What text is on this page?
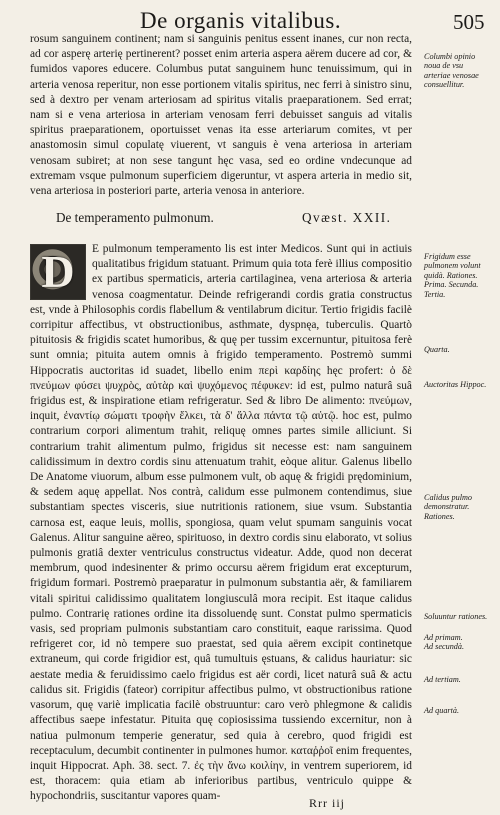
De organis vitalibus.	505

rosum sanguinem continent; nam si sanguinis penitus essent inanes, cur non recta, ad cor asperę arterię pertinerent? posset enim arteria aspera aërem ducere ad cor, & fumidos vapores educere. Columbus putat sanguinem hunc tenuissimum, qui in arteria venosa reperitur, non esse portionem vitalis spiritus, nec ferri à sinistro sinu, sed à dextro per venam arteriosam ad spiritus vitalis praeparationem. Sed errat; nam si e vena arteriosa in arteriam venosam ferri debuisset sanguis ad vitalis spiritus praeparationem, oportuisset venas ita esse arteriarum comites, vt per anastomosin simul copulatę viuerent, vt sanguis è vena arteriosa in arteriam venosam subiret; at non sese tangunt hęc vasa, sed eo ordine vndecunque ad extremam vsque pulmonum superficiem digeruntur, vt aspera arteria in medio sit, vena arteriosa in posteriori parte, arteria venosa in anteriore.

De temperamento pulmonum.	Qvæst. XXII.
D	E pulmonum temperamento lis est inter Medicos. Sunt qui in actiuis qualitatibus frigidum statuant. Primum quia tota ferè illius compositio ex partibus spermaticis, arteria cartilaginea, vena arteriosa & arteria venosa coagmentatur. Deinde refrigerandi cordis gratia constructus est, vnde à Philosophis cordis flabellum & ventilabrum dicitur. Tertio frigidis facilè corripitur affectibus, vt obstructionibus, asthmate, dyspnęa, tuberculis. Quartò pituitosis & frigidis scatet humoribus, & quę per tussim excernuntur, pituitosa ferè sunt omnia; pituita autem omnis à frigido temperamento. Postremò summi Hippocratis auctoritas id suadet, libello enim περὶ καρδίης hęc profert: ὁ δὲ πνεύμων φύσει ψυχρὸς, αὐτὰρ καὶ ψυχόμενος πέφυκεν: id est, pulmo naturâ suâ frigidus est, & inspiratione etiam refrigeratur. Sed & libro De alimento: πνεύμων, inquit, ἐναντίῳ σώματι τροφὴν ἕλκει, τὰ δ' ἄλλα πάντα τῷ αὐτῷ. hoc est, pulmo contrarium corpori alimentum trahit, reliquę omnes partes simile alliciunt. Si contrarium trahit alimentum pulmo, frigidus sit necesse est: nam sanguinem calidissimum in dextro cordis sinu attenuatum trahit, eòque alitur. Galenus libello De Anatome viuorum, album esse pulmonem vult, ob aquę & frigidi prędominium, & sedem aquę appellat. Nos contrà, calidum esse pulmonem contendimus, siue substantiam spectes visceris, siue nutritionis rationem, siue vsum. Substantia carnosa est, eaque leuis, mollis, spongiosa, quam velut spumam sanguinis vocat Galenus. Alitur sanguine aëreo, spirituoso, in dextro cordis sinu elaborato, vt solius pulmonis gratiâ dexter ventriculus constructus videatur. Adde, quod non decerat membrum, quod indesinenter & primo occursu aërem frigidum erat excepturum, frigidum formari. Postremò praeparatur in pulmonum substantia aër, & familiarem vitali spiritui calidissimo qualitatem longiusculâ mora recipit. Est itaque calidus pulmo. Contrarię rationes ordine ita dissoluendę sunt. Constat pulmo spermaticis vasis, sed propriam pulmonis substantiam caro constituit, eaque rarissima. Quod refrigeret cor, id nò tempere suo praestat, sed quia aërem excipit continetque extraneum, qui corde frigidior est, quâ tumultuis ęstuans, & calidus hauriatur: sic aestate media & feruidissimo caelo frigidus est aër cordi, licet naturâ suâ & actu calidus sit. Frigidis (fateor) corripitur affectibus pulmo, vt obstructionibus ratione vasorum, quę variè implicatia facilè obstruuntur: caro verò phlegmone & calidis affectibus saepe infestatur. Pituita quę copiosissima tussiendo excernitur, non à natiua pulmonum temperie generatur, sed quia à cerebro, quod frigidi est receptaculum, decumbit continenter in pulmones humor. καταῤῥοῖ enim frequentes, inquit Hippocrat. Aph. 38. sect. 7. ἐς τὴν ἄνω κοιλίην, in ventrem superiorem, id est, thoracem: quia etiam ab inferioribus partibus, ventriculo quippe & hypochondriis, suscitantur vapores quam-

Columbi opinio noua de vsu arteriae venosae consuellitur.
Frigidum esse pulmonem volunt quidà. Rationes. Prima. Secunda. Tertia.
Quarta.
Auctoritas Hippoc.
Calidus pulmo demonstratur. Rationes.
Soluuntur rationes.
Ad primam.
Ad secundà.
Ad tertiam.
Ad quartà.
Rrr iij
